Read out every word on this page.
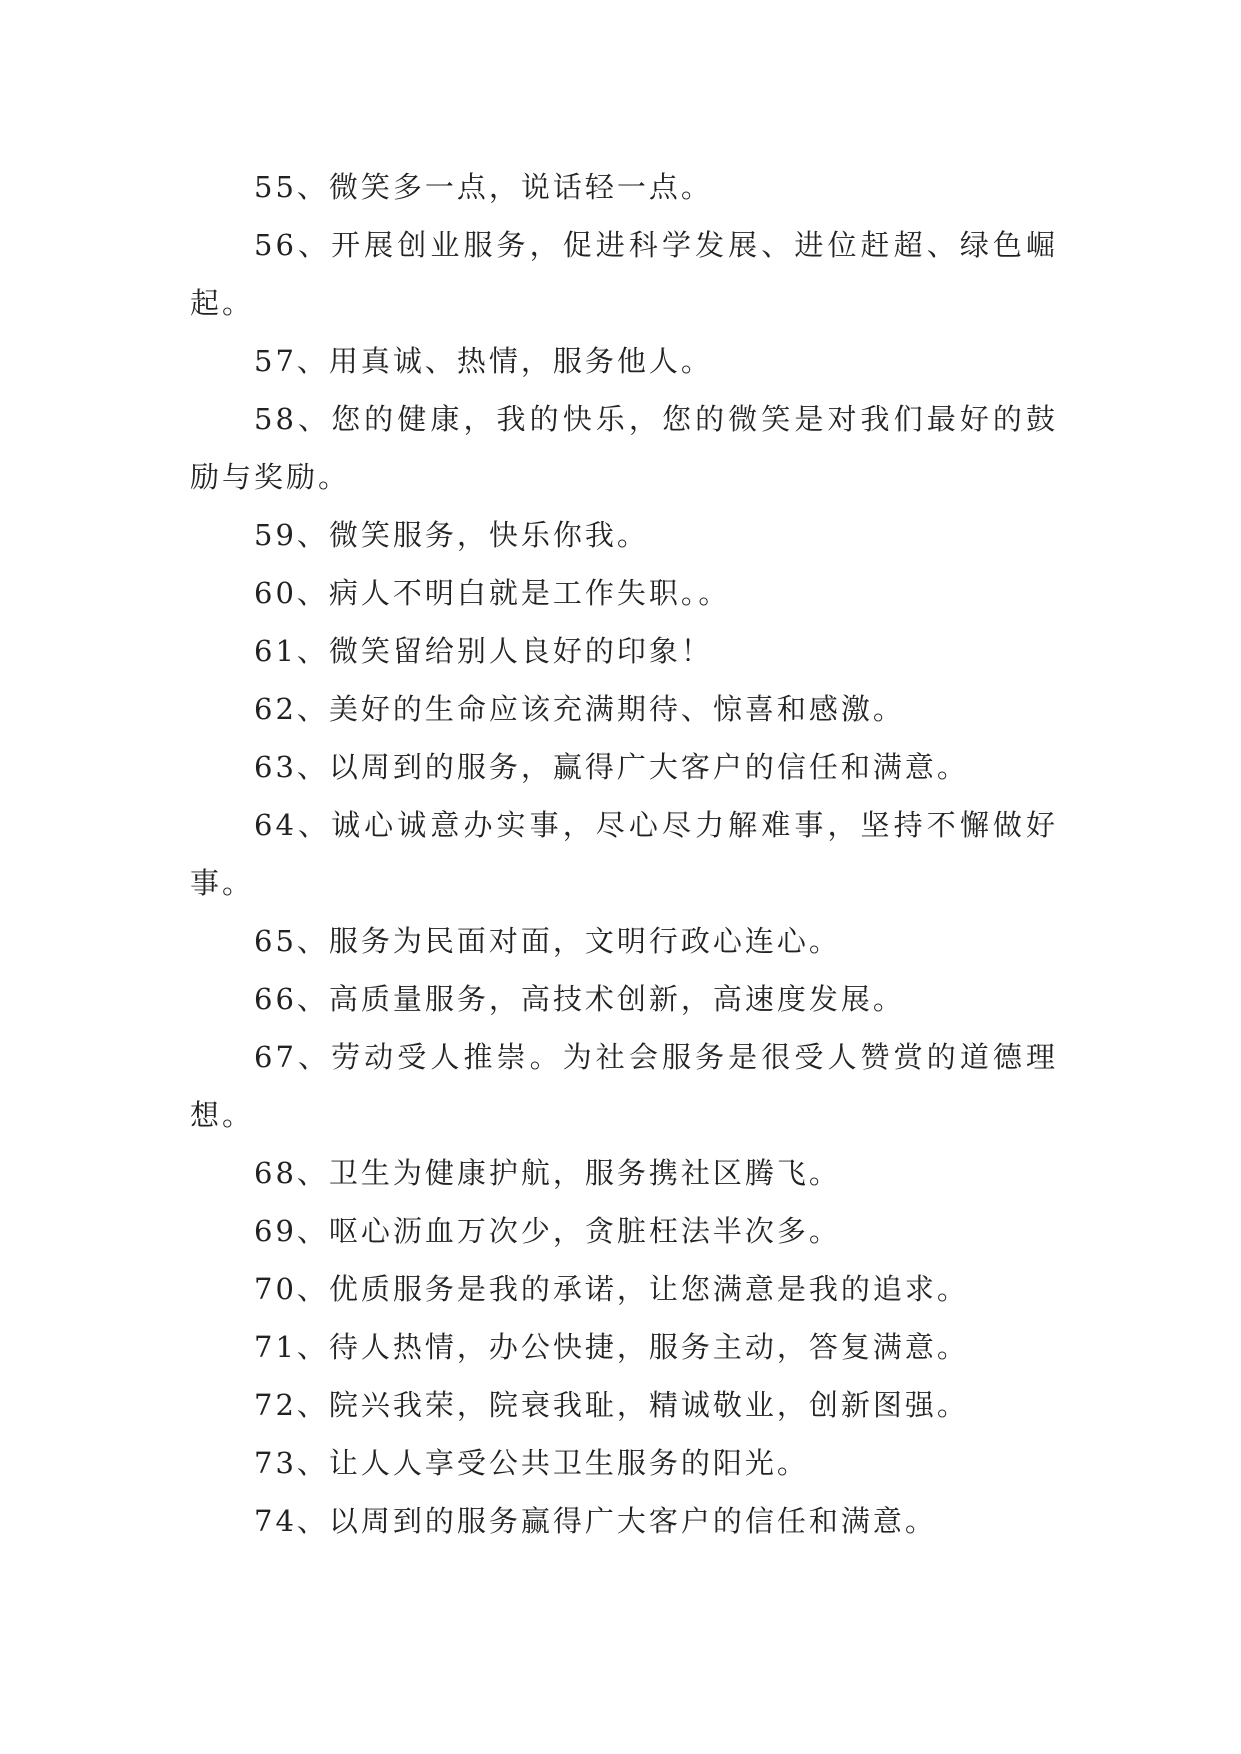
55、微笑多一点，说话轻一点。

56、开展创业服务，促进科学发展、进位赶超、绿色崛起。

57、用真诚、热情，服务他人。

58、您的健康，我的快乐，您的微笑是对我们最好的鼓励与奖励。

59、微笑服务，快乐你我。

60、病人不明白就是工作失职。。

61、微笑留给别人良好的印象！

62、美好的生命应该充满期待、惊喜和感激。

63、以周到的服务，赢得广大客户的信任和满意。

64、诚心诚意办实事，尽心尽力解难事，坚持不懈做好事。

65、服务为民面对面，文明行政心连心。

66、高质量服务，高技术创新，高速度发展。

67、劳动受人推崇。为社会服务是很受人赞赏的道德理想。

68、卫生为健康护航，服务携社区腾飞。

69、呕心沥血万次少，贪脏枉法半次多。

70、优质服务是我的承诺，让您满意是我的追求。

71、待人热情，办公快捷，服务主动，答复满意。

72、院兴我荣，院衰我耻，精诚敬业，创新图强。

73、让人人享受公共卫生服务的阳光。

74、以周到的服务赢得广大客户的信任和满意。
